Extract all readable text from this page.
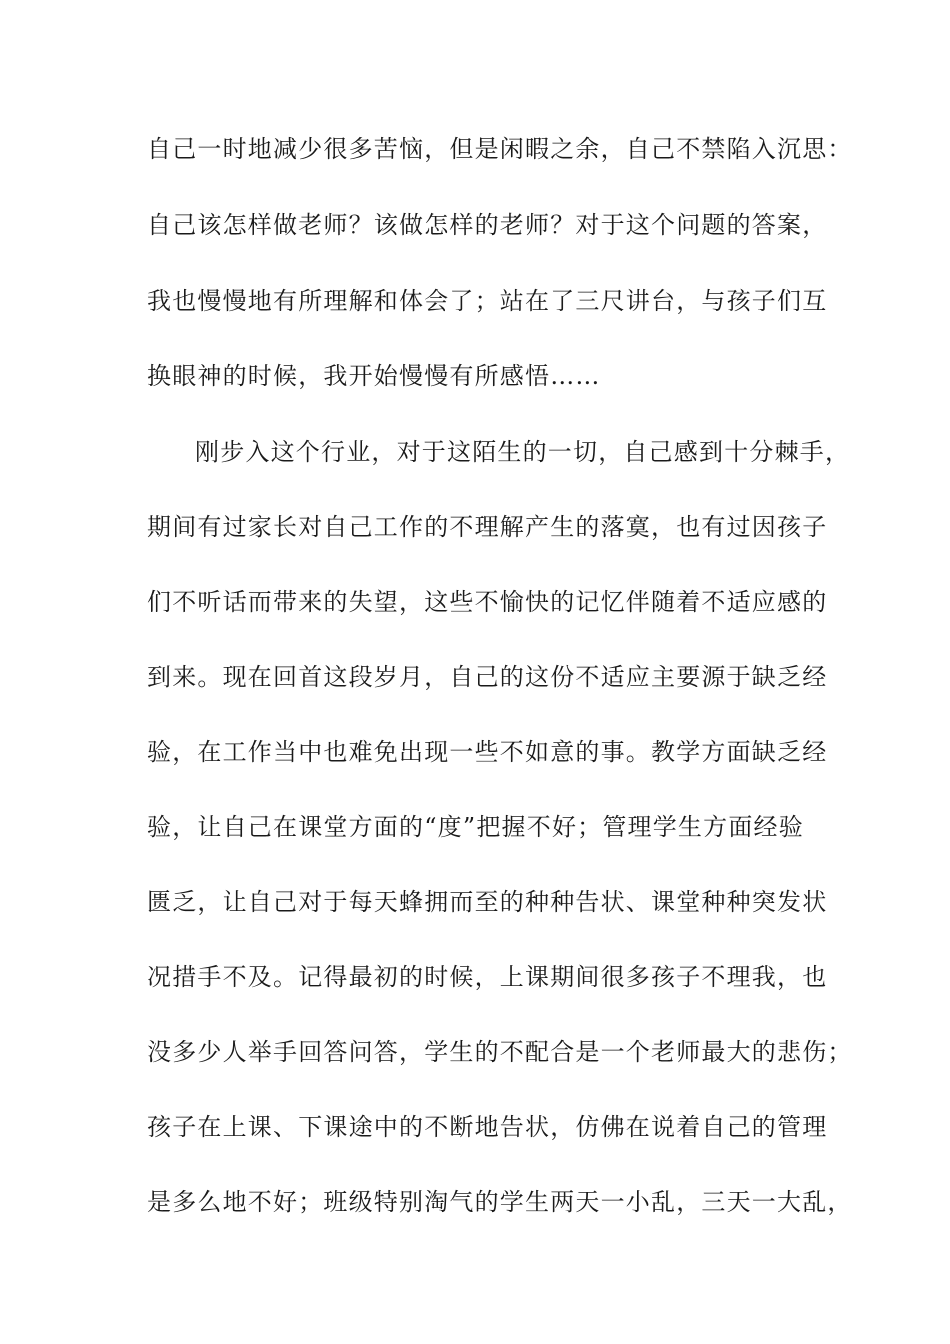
自己一时地减少很多苦恼，但是闲暇之余，自己不禁陷入沉思：
自己该怎样做老师？该做怎样的老师？对于这个问题的答案，
我也慢慢地有所理解和体会了；站在了三尺讲台，与孩子们互
换眼神的时候，我开始慢慢有所感悟……
刚步入这个行业，对于这陌生的一切，自己感到十分棘手，
期间有过家长对自己工作的不理解产生的落寞，也有过因孩子
们不听话而带来的失望，这些不愉快的记忆伴随着不适应感的
到来。现在回首这段岁月，自己的这份不适应主要源于缺乏经
验，在工作当中也难免出现一些不如意的事。教学方面缺乏经
验，让自己在课堂方面的“度”把握不好；管理学生方面经验
匮乏，让自己对于每天蜂拥而至的种种告状、课堂种种突发状
况措手不及。记得最初的时候，上课期间很多孩子不理我，也
没多少人举手回答问答，学生的不配合是一个老师最大的悲伤；
孩子在上课、下课途中的不断地告状，仿佛在说着自己的管理
是多么地不好；班级特别淘气的学生两天一小乱，三天一大乱，
